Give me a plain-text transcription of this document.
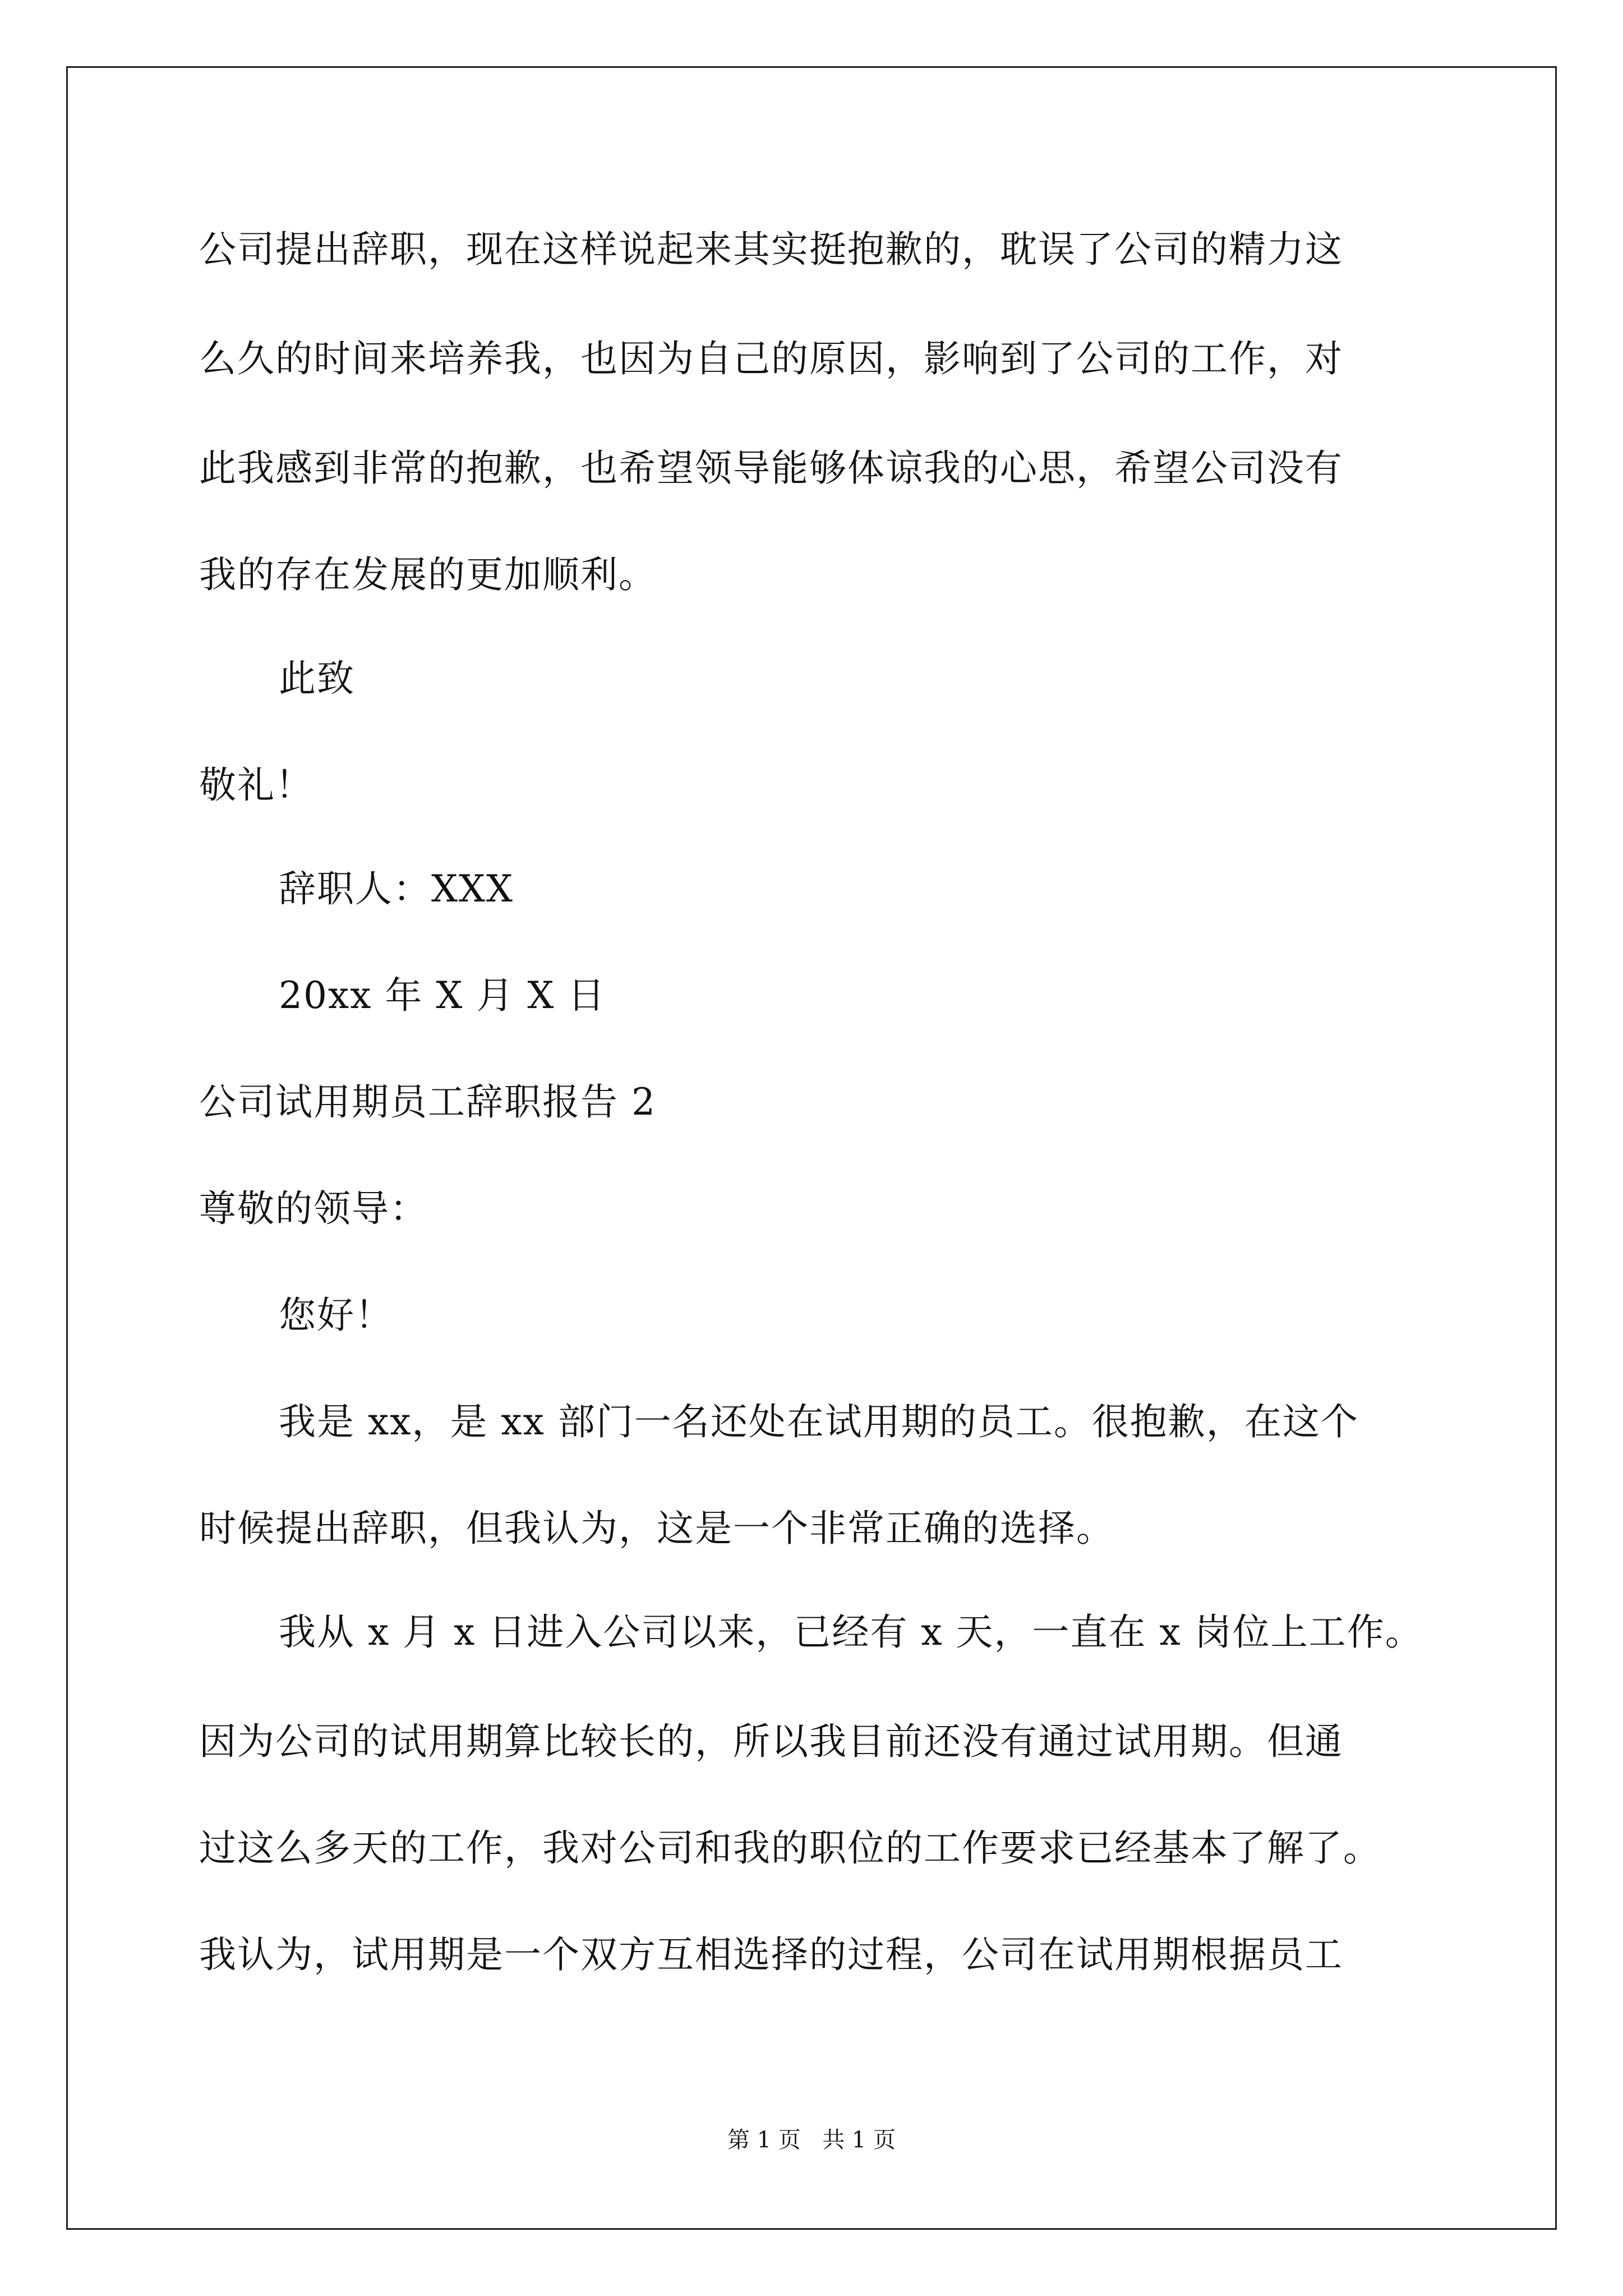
公司提出辞职，现在这样说起来其实挺抱歉的，耽误了公司的精力这
么久的时间来培养我，也因为自己的原因，影响到了公司的工作，对
此我感到非常的抱歉，也希望领导能够体谅我的心思，希望公司没有
我的存在发展的更加顺利。
此致
敬礼！
辞职人：XXX
20xx 年 X 月 X 日
公司试用期员工辞职报告 2
尊敬的领导：
您好！
我是 xx，是 xx 部门一名还处在试用期的员工。很抱歉，在这个
时候提出辞职，但我认为，这是一个非常正确的选择。
我从 x 月 x 日进入公司以来，已经有 x 天，一直在 x 岗位上工作。
因为公司的试用期算比较长的，所以我目前还没有通过试用期。但通
过这么多天的工作，我对公司和我的职位的工作要求已经基本了解了。
我认为，试用期是一个双方互相选择的过程，公司在试用期根据员工
第 1 页   共 1 页
